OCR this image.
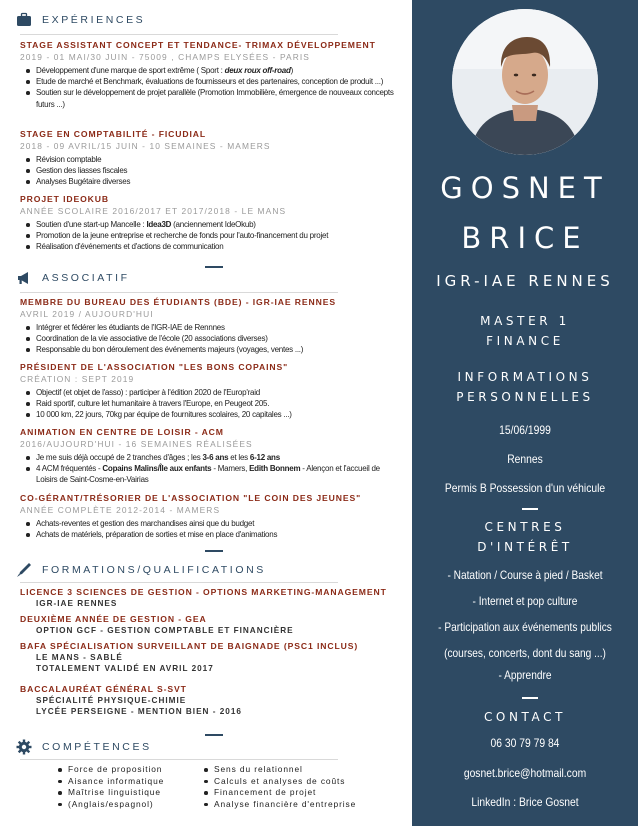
EXPÉRIENCES

STAGE ASSISTANT CONCEPT ET TENDANCE- TRIMAX DÉVELOPPEMENT

2019 - 01 MAI/30 JUIN - 75009 , CHAMPS ELYSÉES - PARIS

Développement d'une marque de sport extrême ( Sport : deux roux off-road)
Etude de marché et Benchmark, évaluations de fournisseurs et des partenaires, conception de produit ...)
Soutien sur le développement de projet parallèle (Promotion Immobilière, émergence de nouveaux concepts futurs ...)

STAGE EN COMPTABILITÉ - FICUDIAL

2018 - 09 AVRIL/15 JUIN - 10 SEMAINES - MAMERS

Révision comptable
Gestion des liasses fiscales
Analyses Bugétaire diverses

PROJET IDEOKUB

ANNÉE SCOLAIRE 2016/2017 ET 2017/2018 - LE MANS

Soutien d'une start-up Mancelle : Idea3D (anciennement IdeOkub)
Promotion de la jeune entreprise et recherche de fonds pour l'auto-financement du projet
Réalisation d'événements et d'actions de communication
ASSOCIATIF

MEMBRE DU BUREAU DES ÉTUDIANTS (BDE) - IGR-IAE RENNES

AVRIL 2019 / AUJOURD'HUI

Intégrer et fédérer les étudiants de l'IGR-IAE de Rennnes
Coordination de la vie associative de l'école (20 associations diverses)
Responsable du bon déroulement des événements majeurs (voyages, ventes ...)

PRÉSIDENT DE L'ASSOCIATION "LES BONS COPAINS"

CRÉATION : SEPT 2019

Objectif (et objet de l'asso) : participer à l'édition 2020 de l'Europ'raid
Raid sportif, culture let humanitaire à travers l'Europe, en Peugeot 205.
10 000 km, 22 jours, 70kg par équipe de fournitures scolaires, 20 capitales ...)

ANIMATION EN CENTRE DE LOISIR - ACM

2016/AUJOURD'HUI - 16 SEMAINES RÉALISÉES

Je me suis déjà occupé de 2 tranches d'âges ; les 3-6 ans et les 6-12 ans
4 ACM fréquentés - Copains Malins/Île aux enfants - Mamers, Edith Bonnem - Alençon et l'accueil de Loisirs de Saint-Cosme-en-Vairias

CO-GÉRANT/TRÉSORIER DE L'ASSOCIATION "LE COIN DES JEUNES"

ANNÉE COMPLÈTE 2012-2014 - MAMERS

Achats-reventes et gestion des marchandises ainsi que du budget
Achats de matériels, préparation de sorties et mise en place d'animations
FORMATIONS/QUALIFICATIONS
LICENCE 3 SCIENCES DE GESTION - OPTIONS MARKETING-MANAGEMENT
IGR-IAE RENNES
DEUXIÈME ANNÉE DE GESTION - GEA
OPTION GCF - GESTION COMPTABLE ET FINANCIÈRE
BAFA SPÉCIALISATION SURVEILLANT DE BAIGNADE (PSC1 INCLUS)
LE MANS - SABLÉ
TOTALEMENT VALIDÉ EN AVRIL 2017
BACCALAURÉAT GÉNÉRAL S-SVT
SPÉCIALITÉ PHYSIQUE-CHIMIE
LYCÉE PERSEIGNE - MENTION BIEN - 2016
COMPÉTENCES
Force de proposition
Aisance informatique
Maîtrise linguistique
(Anglais/espagnol)
Sens du relationnel
Calculs et analyses de coûts
Financement de projet
Analyse financière d'entreprise
GOSNET
BRICE
IGR-IAE RENNES
MASTER 1
FINANCE
INFORMATIONS
PERSONNELLES
15/06/1999
Rennes
Permis B Possession d'un véhicule
CENTRES
D'INTÉRÊT
- Natation / Course à pied / Basket
- Internet et pop culture
- Participation aux événements publics
(courses, concerts, dont du sang ...)
- Apprendre
CONTACT
06 30 79 79 84
gosnet.brice@hotmail.com
LinkedIn : Brice Gosnet
